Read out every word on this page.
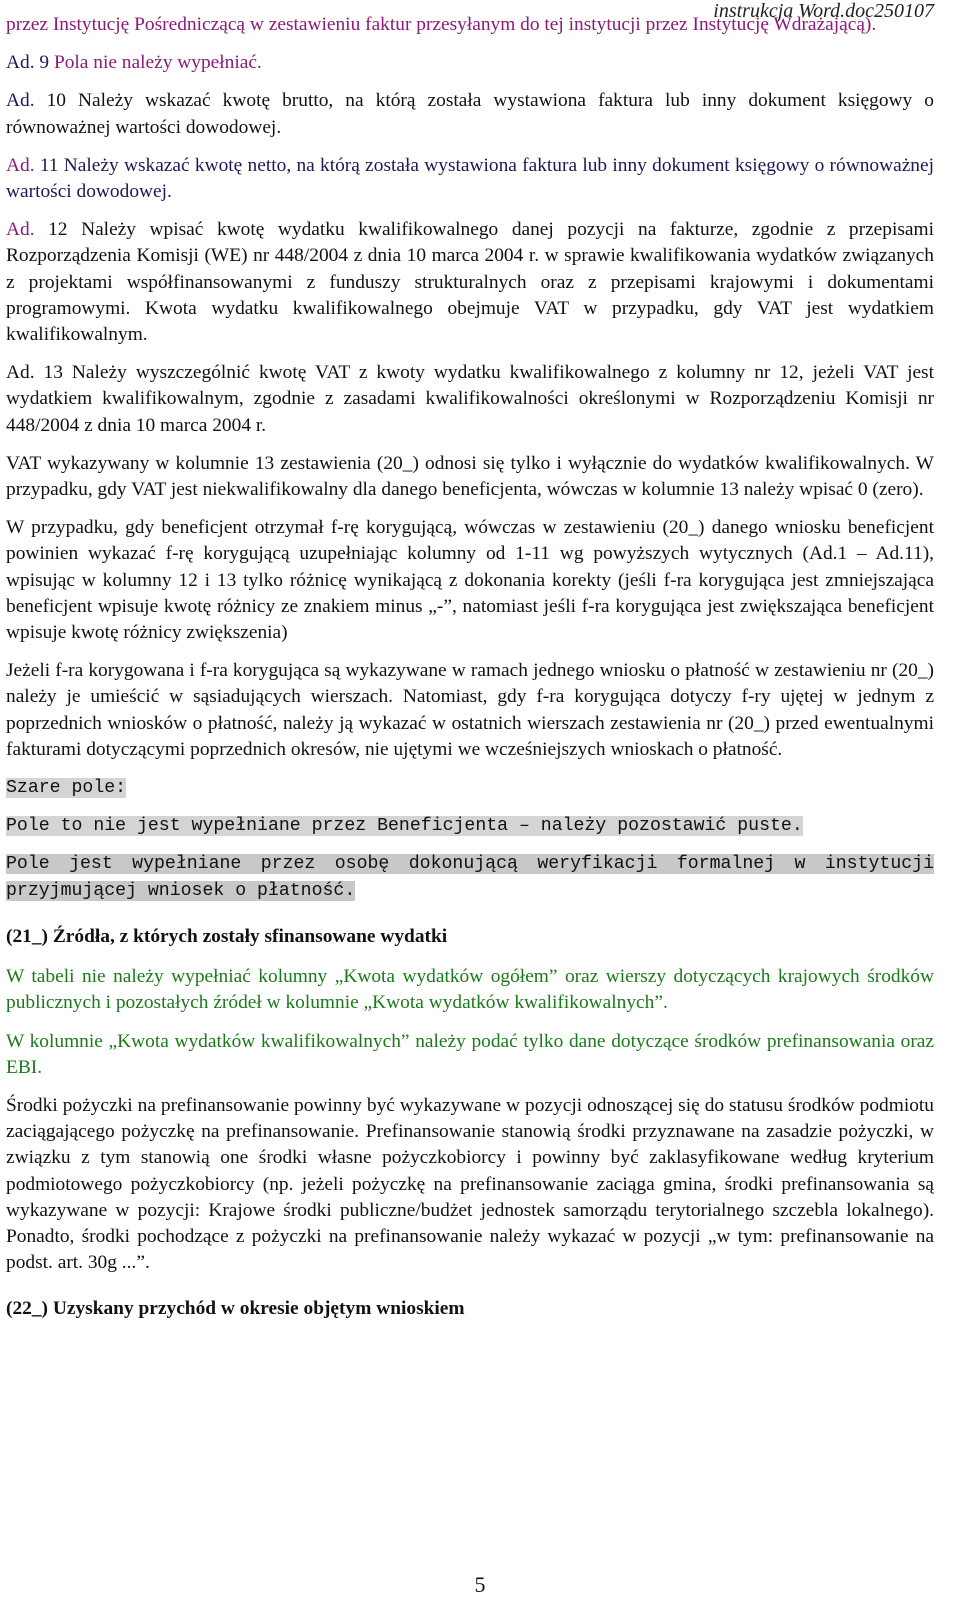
instrukcja Word.doc250107

przez Instytucję Pośredniczącą w zestawieniu faktur przesyłanym do tej instytucji przez Instytucję Wdrażającą).

Ad. 9 Pola nie należy wypełniać.

Ad. 10 Należy wskazać kwotę brutto, na którą została wystawiona faktura lub inny dokument księgowy o równoważnej wartości dowodowej.

Ad. 11 Należy wskazać kwotę netto, na którą została wystawiona faktura lub inny dokument księgowy o równoważnej wartości dowodowej.

Ad. 12 Należy wpisać kwotę wydatku kwalifikowalnego danej pozycji na fakturze, zgodnie z przepisami Rozporządzenia Komisji (WE) nr 448/2004 z dnia 10 marca 2004 r. w sprawie kwalifikowania wydatków związanych z projektami współfinansowanymi z funduszy strukturalnych oraz z przepisami krajowymi i dokumentami programowymi. Kwota wydatku kwalifikowalnego obejmuje VAT w przypadku, gdy VAT jest wydatkiem kwalifikowalnym.

Ad. 13 Należy wyszczególnić kwotę VAT z kwoty wydatku kwalifikowalnego z kolumny nr 12, jeżeli VAT jest wydatkiem kwalifikowalnym, zgodnie z zasadami kwalifikowalności określonymi w Rozporządzeniu Komisji nr 448/2004 z dnia 10 marca 2004 r.

VAT wykazywany w kolumnie 13 zestawienia (20_) odnosi się tylko i wyłącznie do wydatków kwalifikowalnych. W przypadku, gdy VAT jest niekwalifikowalny dla danego beneficjenta, wówczas w kolumnie 13 należy wpisać 0 (zero).

W przypadku, gdy beneficjent otrzymał f-rę korygującą, wówczas w zestawieniu (20_) danego wniosku beneficjent powinien wykazać f-rę korygującą uzupełniając kolumny od 1-11 wg powyższych wytycznych (Ad.1 – Ad.11), wpisując w kolumny 12 i 13 tylko różnicę wynikającą z dokonania korekty (jeśli f-ra korygująca jest zmniejszająca beneficjent wpisuje kwotę różnicy ze znakiem minus „-”, natomiast jeśli f-ra korygująca jest zwiększająca beneficjent wpisuje kwotę różnicy zwiększenia)

Jeżeli f-ra korygowana i f-ra korygująca są wykazywane w ramach jednego wniosku o płatność w zestawieniu nr (20_) należy je umieścić w sąsiadujących wierszach. Natomiast, gdy f-ra korygująca dotyczy f-ry ujętej w jednym z poprzednich wniosków o płatność, należy ją wykazać w ostatnich wierszach zestawienia nr (20_) przed ewentualnymi fakturami dotyczącymi poprzednich okresów, nie ujętymi we wcześniejszych wnioskach o płatność.

Szare pole:

Pole to nie jest wypełniane przez Beneficjenta – należy pozostawić puste.

Pole jest wypełniane przez osobę dokonującą weryfikacji formalnej w instytucji przyjmującej wniosek o płatność.

(21_) Źródła, z których zostały sfinansowane wydatki

W tabeli nie należy wypełniać kolumny „Kwota wydatków ogółem” oraz wierszy dotyczących krajowych środków publicznych i pozostałych źródeł w kolumnie „Kwota wydatków kwalifikowalnych”.

W kolumnie „Kwota wydatków kwalifikowalnych” należy podać tylko dane dotyczące środków prefinansowania oraz EBI.

Środki pożyczki na prefinansowanie powinny być wykazywane w pozycji odnoszącej się do statusu środków podmiotu zaciągającego pożyczkę na prefinansowanie. Prefinansowanie stanowią środki przyznawane na zasadzie pożyczki, w związku z tym stanowią one środki własne pożyczkobiorcy i powinny być zaklasyfikowane według kryterium podmiotowego pożyczkobiorcy (np. jeżeli pożyczkę na prefinansowanie zaciąga gmina, środki prefinansowania są wykazywane w pozycji: Krajowe środki publiczne/budżet jednostek samorządu terytorialnego szczebla lokalnego). Ponadto, środki pochodzące z pożyczki na prefinansowanie należy wykazać w pozycji „w tym: prefinansowanie na podst. art. 30g ...”.

(22_) Uzyskany przychód w okresie objętym wnioskiem

5
